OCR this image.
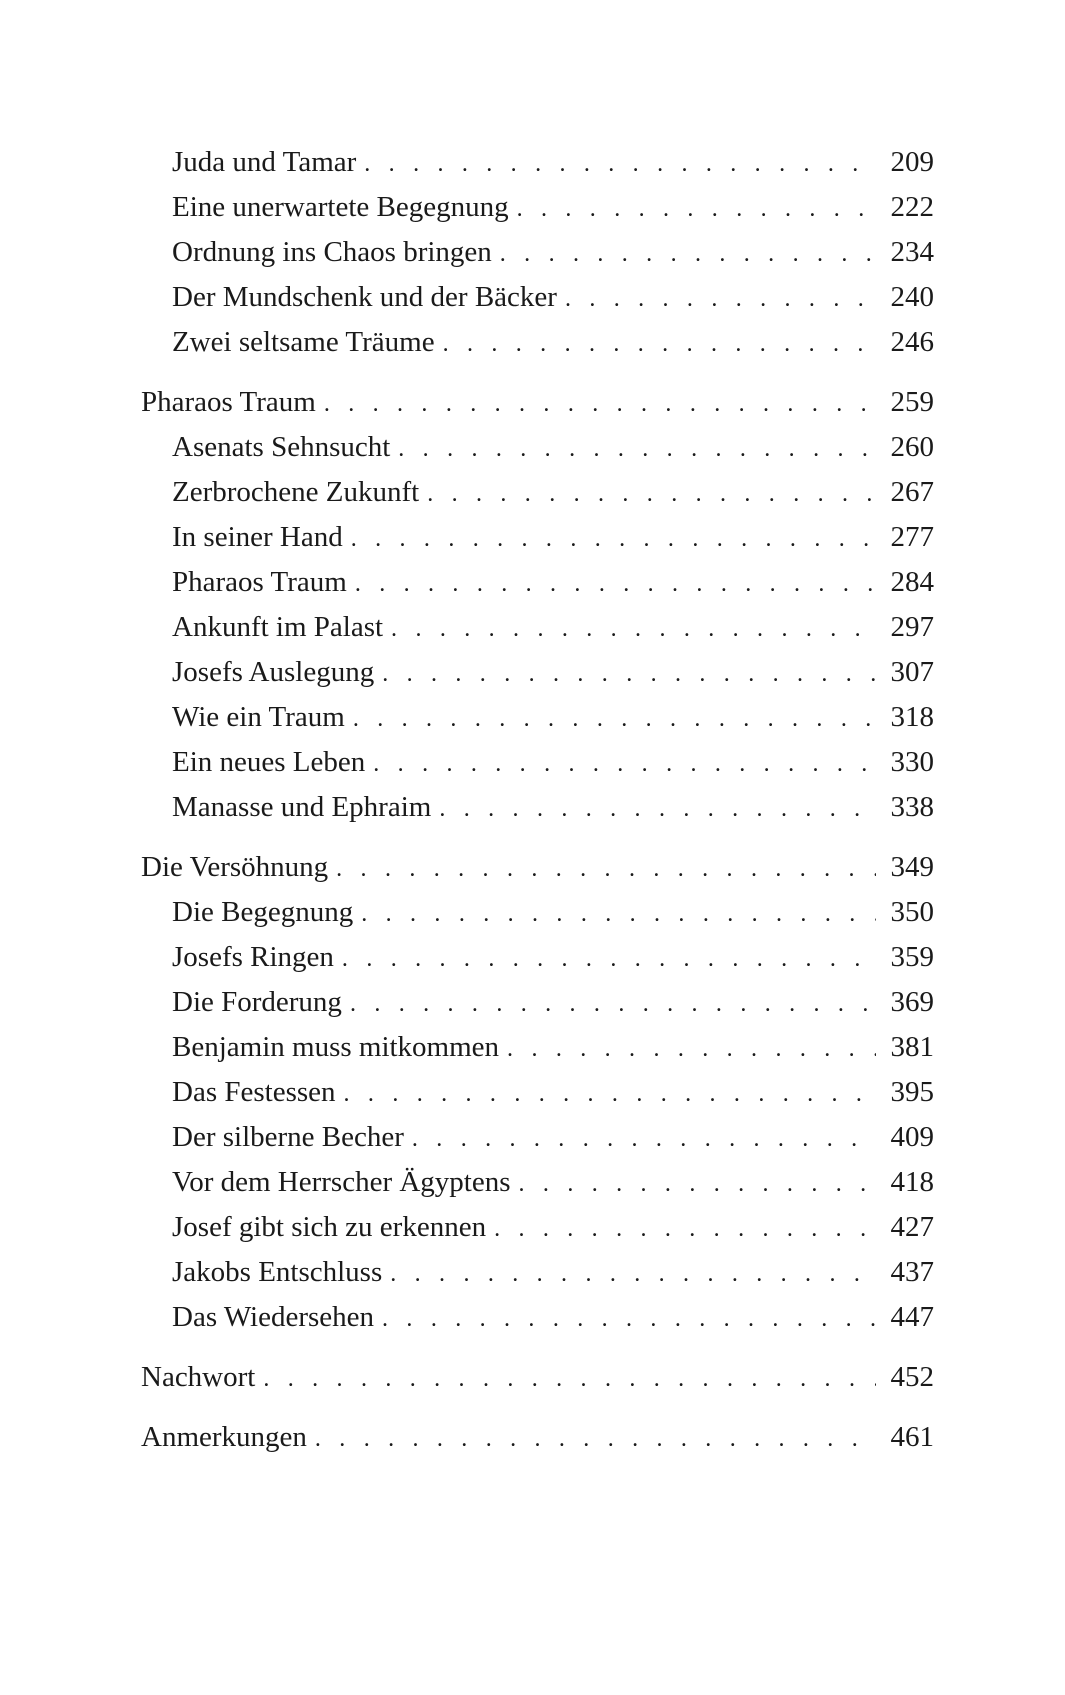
Juda und Tamar . . .	209
Eine unerwartete Begegnung . . .	222
Ordnung ins Chaos bringen . . .	234
Der Mundschenk und der Bäcker . . .	240
Zwei seltsame Träume . . .	246
Pharaos Traum . . .	259
Asenats Sehnsucht . . .	260
Zerbrochene Zukunft . . .	267
In seiner Hand . . .	277
Pharaos Traum . . .	284
Ankunft im Palast . . .	297
Josefs Auslegung . . .	307
Wie ein Traum . . .	318
Ein neues Leben . . .	330
Manasse und Ephraim . . .	338
Die Versöhnung . . .	349
Die Begegnung . . .	350
Josefs Ringen . . .	359
Die Forderung . . .	369
Benjamin muss mitkommen . . .	381
Das Festessen . . .	395
Der silberne Becher . . .	409
Vor dem Herrscher Ägyptens . . .	418
Josef gibt sich zu erkennen . . .	427
Jakobs Entschluss . . .	437
Das Wiedersehen . . .	447
Nachwort . . .	452
Anmerkungen . . .	461
